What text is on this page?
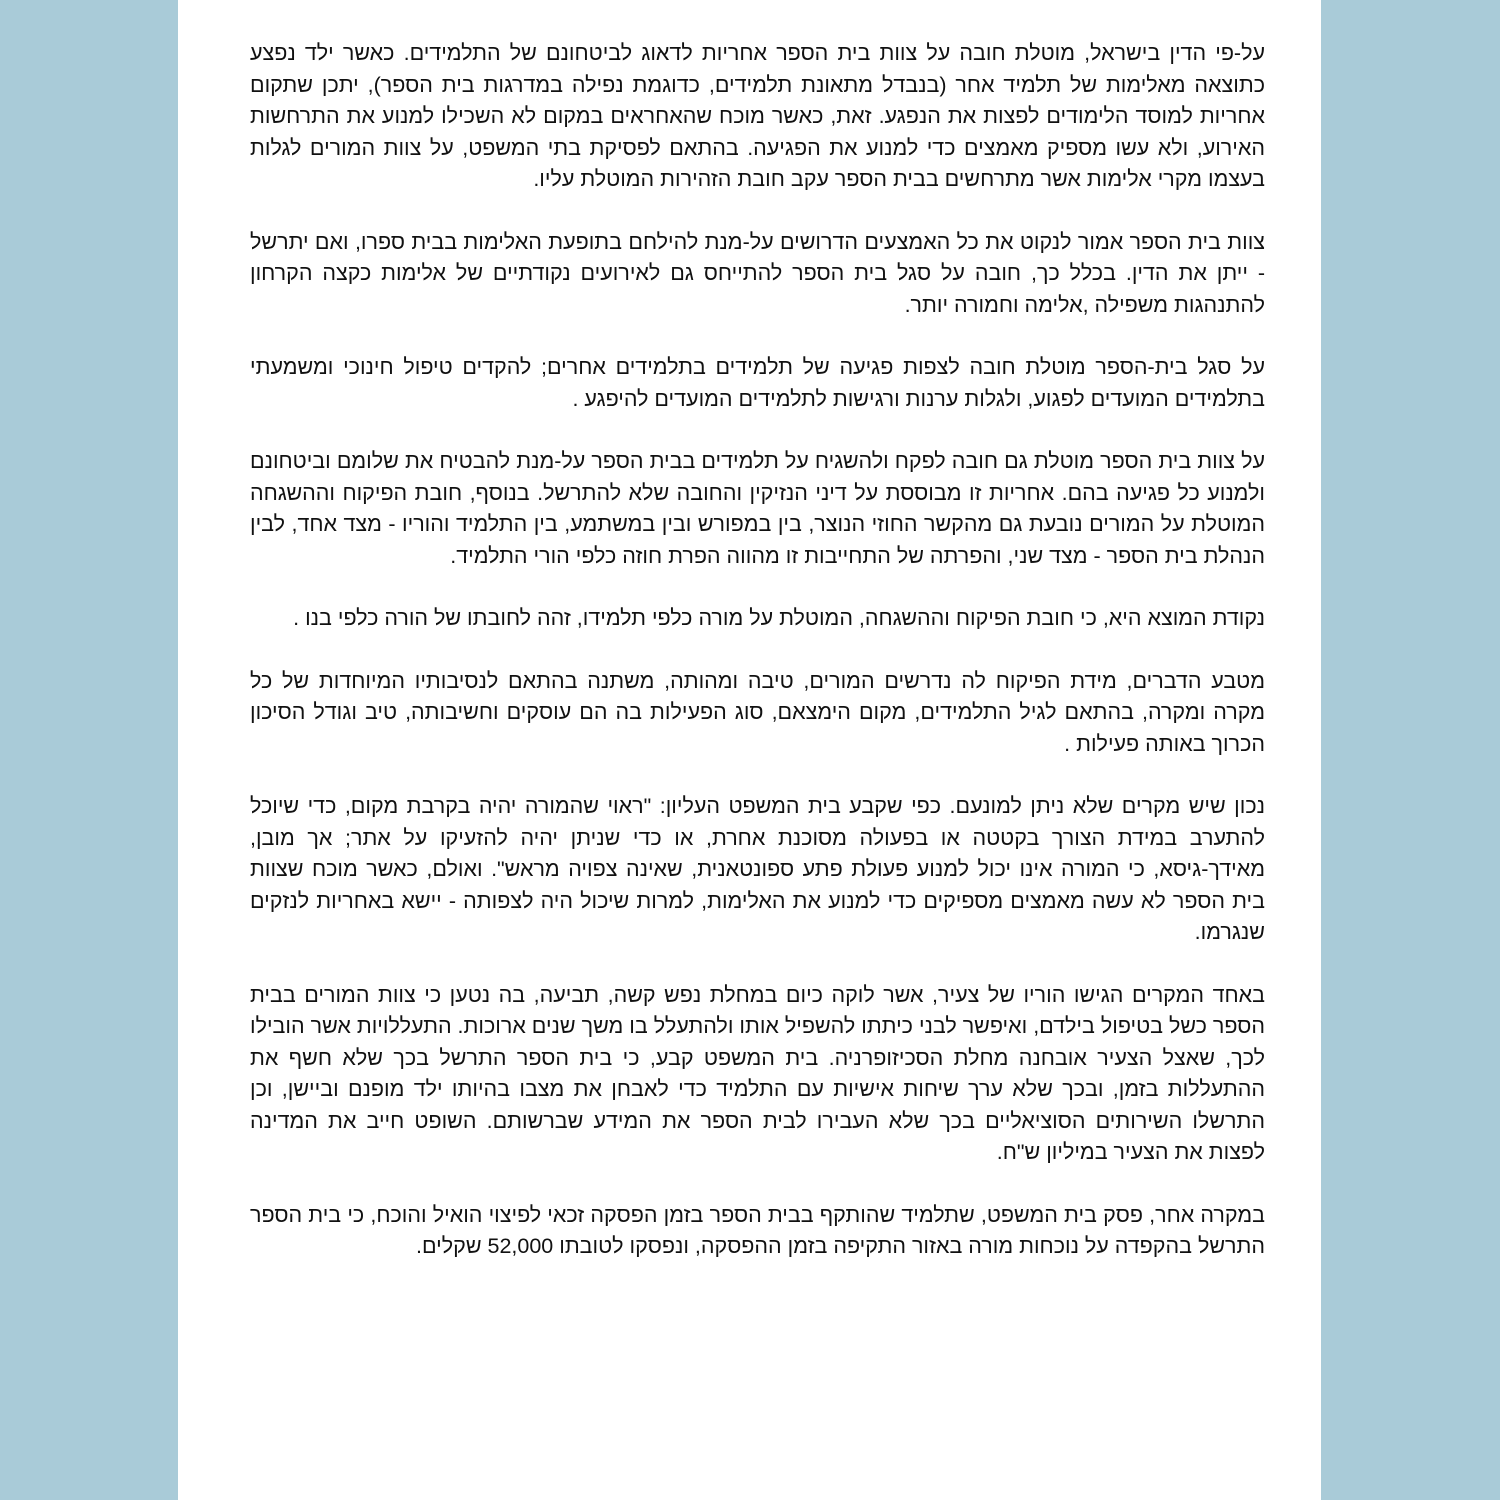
על-פי הדין בישראל, מוטלת חובה על צוות בית הספר אחריות לדאוג לביטחונם של התלמידים. כאשר ילד נפצע כתוצאה מאלימות של תלמיד אחר (בנבדל מתאונת תלמידים, כדוגמת נפילה במדרגות בית הספר), יתכן שתקום אחריות למוסד הלימודים לפצות את הנפגע. זאת, כאשר מוכח שהאחראים במקום לא השכילו למנוע את התרחשות האירוע, ולא עשו מספיק מאמצים כדי למנוע את הפגיעה. בהתאם לפסיקת בתי המשפט, על צוות המורים לגלות בעצמו מקרי אלימות אשר מתרחשים בבית הספר עקב חובת הזהירות המוטלת עליו.

צוות בית הספר אמור לנקוט את כל האמצעים הדרושים על-מנת להילחם בתופעת האלימות בבית ספרו, ואם יתרשל - ייתן את הדין. בכלל כך, חובה על סגל בית הספר להתייחס גם לאירועים נקודתיים של אלימות כקצה הקרחון להתנהגות משפילה ,אלימה וחמורה יותר.

על סגל בית-הספר מוטלת חובה לצפות פגיעה של תלמידים בתלמידים אחרים; להקדים טיפול חינוכי ומשמעתי בתלמידים המועדים לפגוע, ולגלות ערנות ורגישות לתלמידים המועדים להיפגע .

על צוות בית הספר מוטלת גם חובה לפקח ולהשגיח על תלמידים בבית הספר על-מנת להבטיח את שלומם וביטחונם ולמנוע כל פגיעה בהם. אחריות זו מבוססת על דיני הנזיקין והחובה שלא להתרשל. בנוסף, חובת הפיקוח וההשגחה המוטלת על המורים נובעת גם מהקשר החוזי הנוצר, בין במפורש ובין במשתמע, בין התלמיד והוריו - מצד אחד, לבין הנהלת בית הספר - מצד שני, והפרתה של התחייבות זו מהווה הפרת חוזה כלפי הורי התלמיד.

נקודת המוצא היא, כי חובת הפיקוח וההשגחה, המוטלת על מורה כלפי תלמידו, זהה לחובתו של הורה כלפי בנו .

מטבע הדברים, מידת הפיקוח לה נדרשים המורים, טיבה ומהותה, משתנה בהתאם לנסיבותיו המיוחדות של כל מקרה ומקרה, בהתאם לגיל התלמידים, מקום הימצאם, סוג הפעילות בה הם עוסקים וחשיבותה, טיב וגודל הסיכון הכרוך באותה פעילות .

נכון שיש מקרים שלא ניתן למונעם. כפי שקבע בית המשפט העליון: "ראוי שהמורה יהיה בקרבת מקום, כדי שיוכל להתערב במידת הצורך בקטטה או בפעולה מסוכנת אחרת, או כדי שניתן יהיה להזעיקו על אתר; אך מובן, מאידך-גיסא, כי המורה אינו יכול למנוע פעולת פתע ספונטאנית, שאינה צפויה מראש". ואולם, כאשר מוכח שצוות בית הספר לא עשה מאמצים מספיקים כדי למנוע את האלימות, למרות שיכול היה לצפותה - יישא באחריות לנזקים שנגרמו.

באחד המקרים הגישו הוריו של צעיר, אשר לוקה כיום במחלת נפש קשה, תביעה, בה נטען כי צוות המורים בבית הספר כשל בטיפול בילדם, ואיפשר לבני כיתתו להשפיל אותו ולהתעלל בו משך שנים ארוכות. התעללויות אשר הובילו לכך, שאצל הצעיר אובחנה מחלת הסכיזופרניה. בית המשפט קבע, כי בית הספר התרשל בכך שלא חשף את ההתעללות בזמן, ובכך שלא ערך שיחות אישיות עם התלמיד כדי לאבחן את מצבו בהיותו ילד מופנם וביישן, וכן התרשלו השירותים הסוציאליים בכך שלא העבירו לבית הספר את המידע שברשותם. השופט חייב את המדינה לפצות את הצעיר במיליון ש"ח.

במקרה אחר, פסק בית המשפט, שתלמיד שהותקף בבית הספר בזמן הפסקה זכאי לפיצוי הואיל והוכח, כי בית הספר התרשל בהקפדה על נוכחות מורה באזור התקיפה בזמן ההפסקה, ונפסקו לטובתו 52,000 שקלים.
